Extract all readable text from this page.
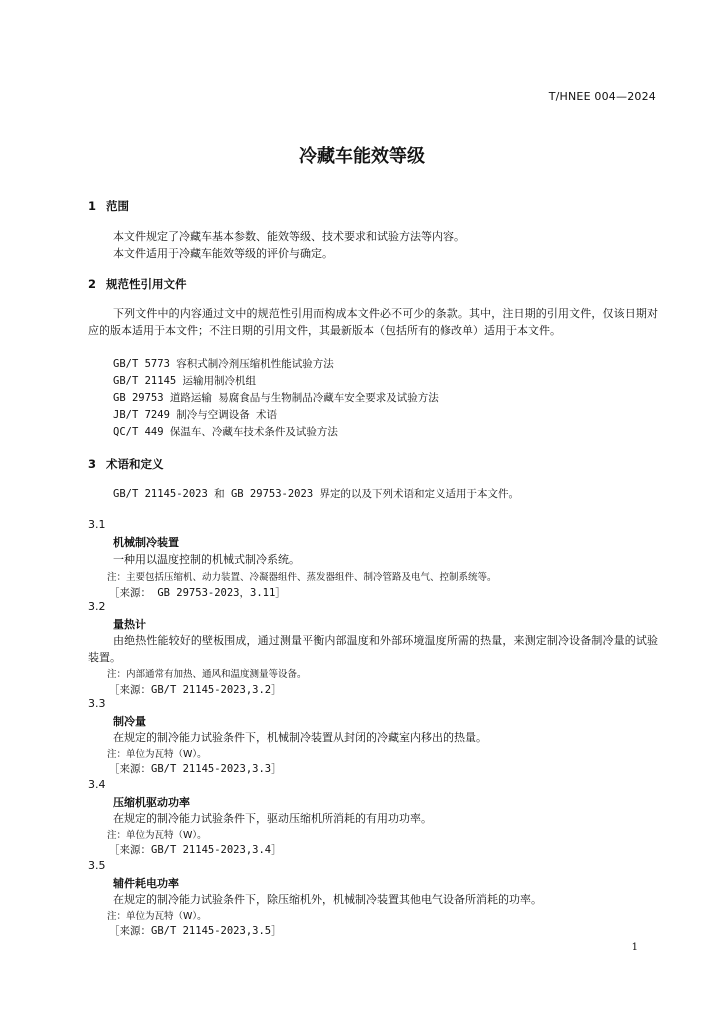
T/HNEE 004—2024
冷藏车能效等级
1 范围
本文件规定了冷藏车基本参数、能效等级、技术要求和试验方法等内容。
本文件适用于冷藏车能效等级的评价与确定。
2 规范性引用文件
下列文件中的内容通过文中的规范性引用而构成本文件必不可少的条款。其中，注日期的引用文件，仅该日期对应的版本适用于本文件；不注日期的引用文件，其最新版本（包括所有的修改单）适用于本文件。
GB/T 5773 容积式制冷剂压缩机性能试验方法
GB/T 21145 运输用制冷机组
GB 29753 道路运输 易腐食品与生物制品冷藏车安全要求及试验方法
JB/T 7249 制冷与空调设备 术语
QC/T 449 保温车、冷藏车技术条件及试验方法
3 术语和定义
GB/T 21145-2023 和 GB 29753-2023 界定的以及下列术语和定义适用于本文件。
3.1
机械制冷装置
一种用以温度控制的机械式制冷系统。
注：主要包括压缩机、动力装置、冷凝器组件、蒸发器组件、制冷管路及电气、控制系统等。
［来源： GB 29753-2023，3.11］
3.2
量热计
由绝热性能较好的壁板围成，通过测量平衡内部温度和外部环境温度所需的热量，来测定制冷设备制冷量的试验装置。
注：内部通常有加热、通风和温度测量等设备。
［来源：GB/T 21145-2023,3.2］
3.3
制冷量
在规定的制冷能力试验条件下，机械制冷装置从封闭的冷藏室内移出的热量。
注：单位为瓦特（W）。
［来源：GB/T 21145-2023,3.3］
3.4
压缩机驱动功率
在规定的制冷能力试验条件下，驱动压缩机所消耗的有用功功率。
注：单位为瓦特（W）。
［来源：GB/T 21145-2023,3.4］
3.5
辅件耗电功率
在规定的制冷能力试验条件下，除压缩机外，机械制冷装置其他电气设备所消耗的功率。
注：单位为瓦特（W）。
［来源：GB/T 21145-2023,3.5］
1
